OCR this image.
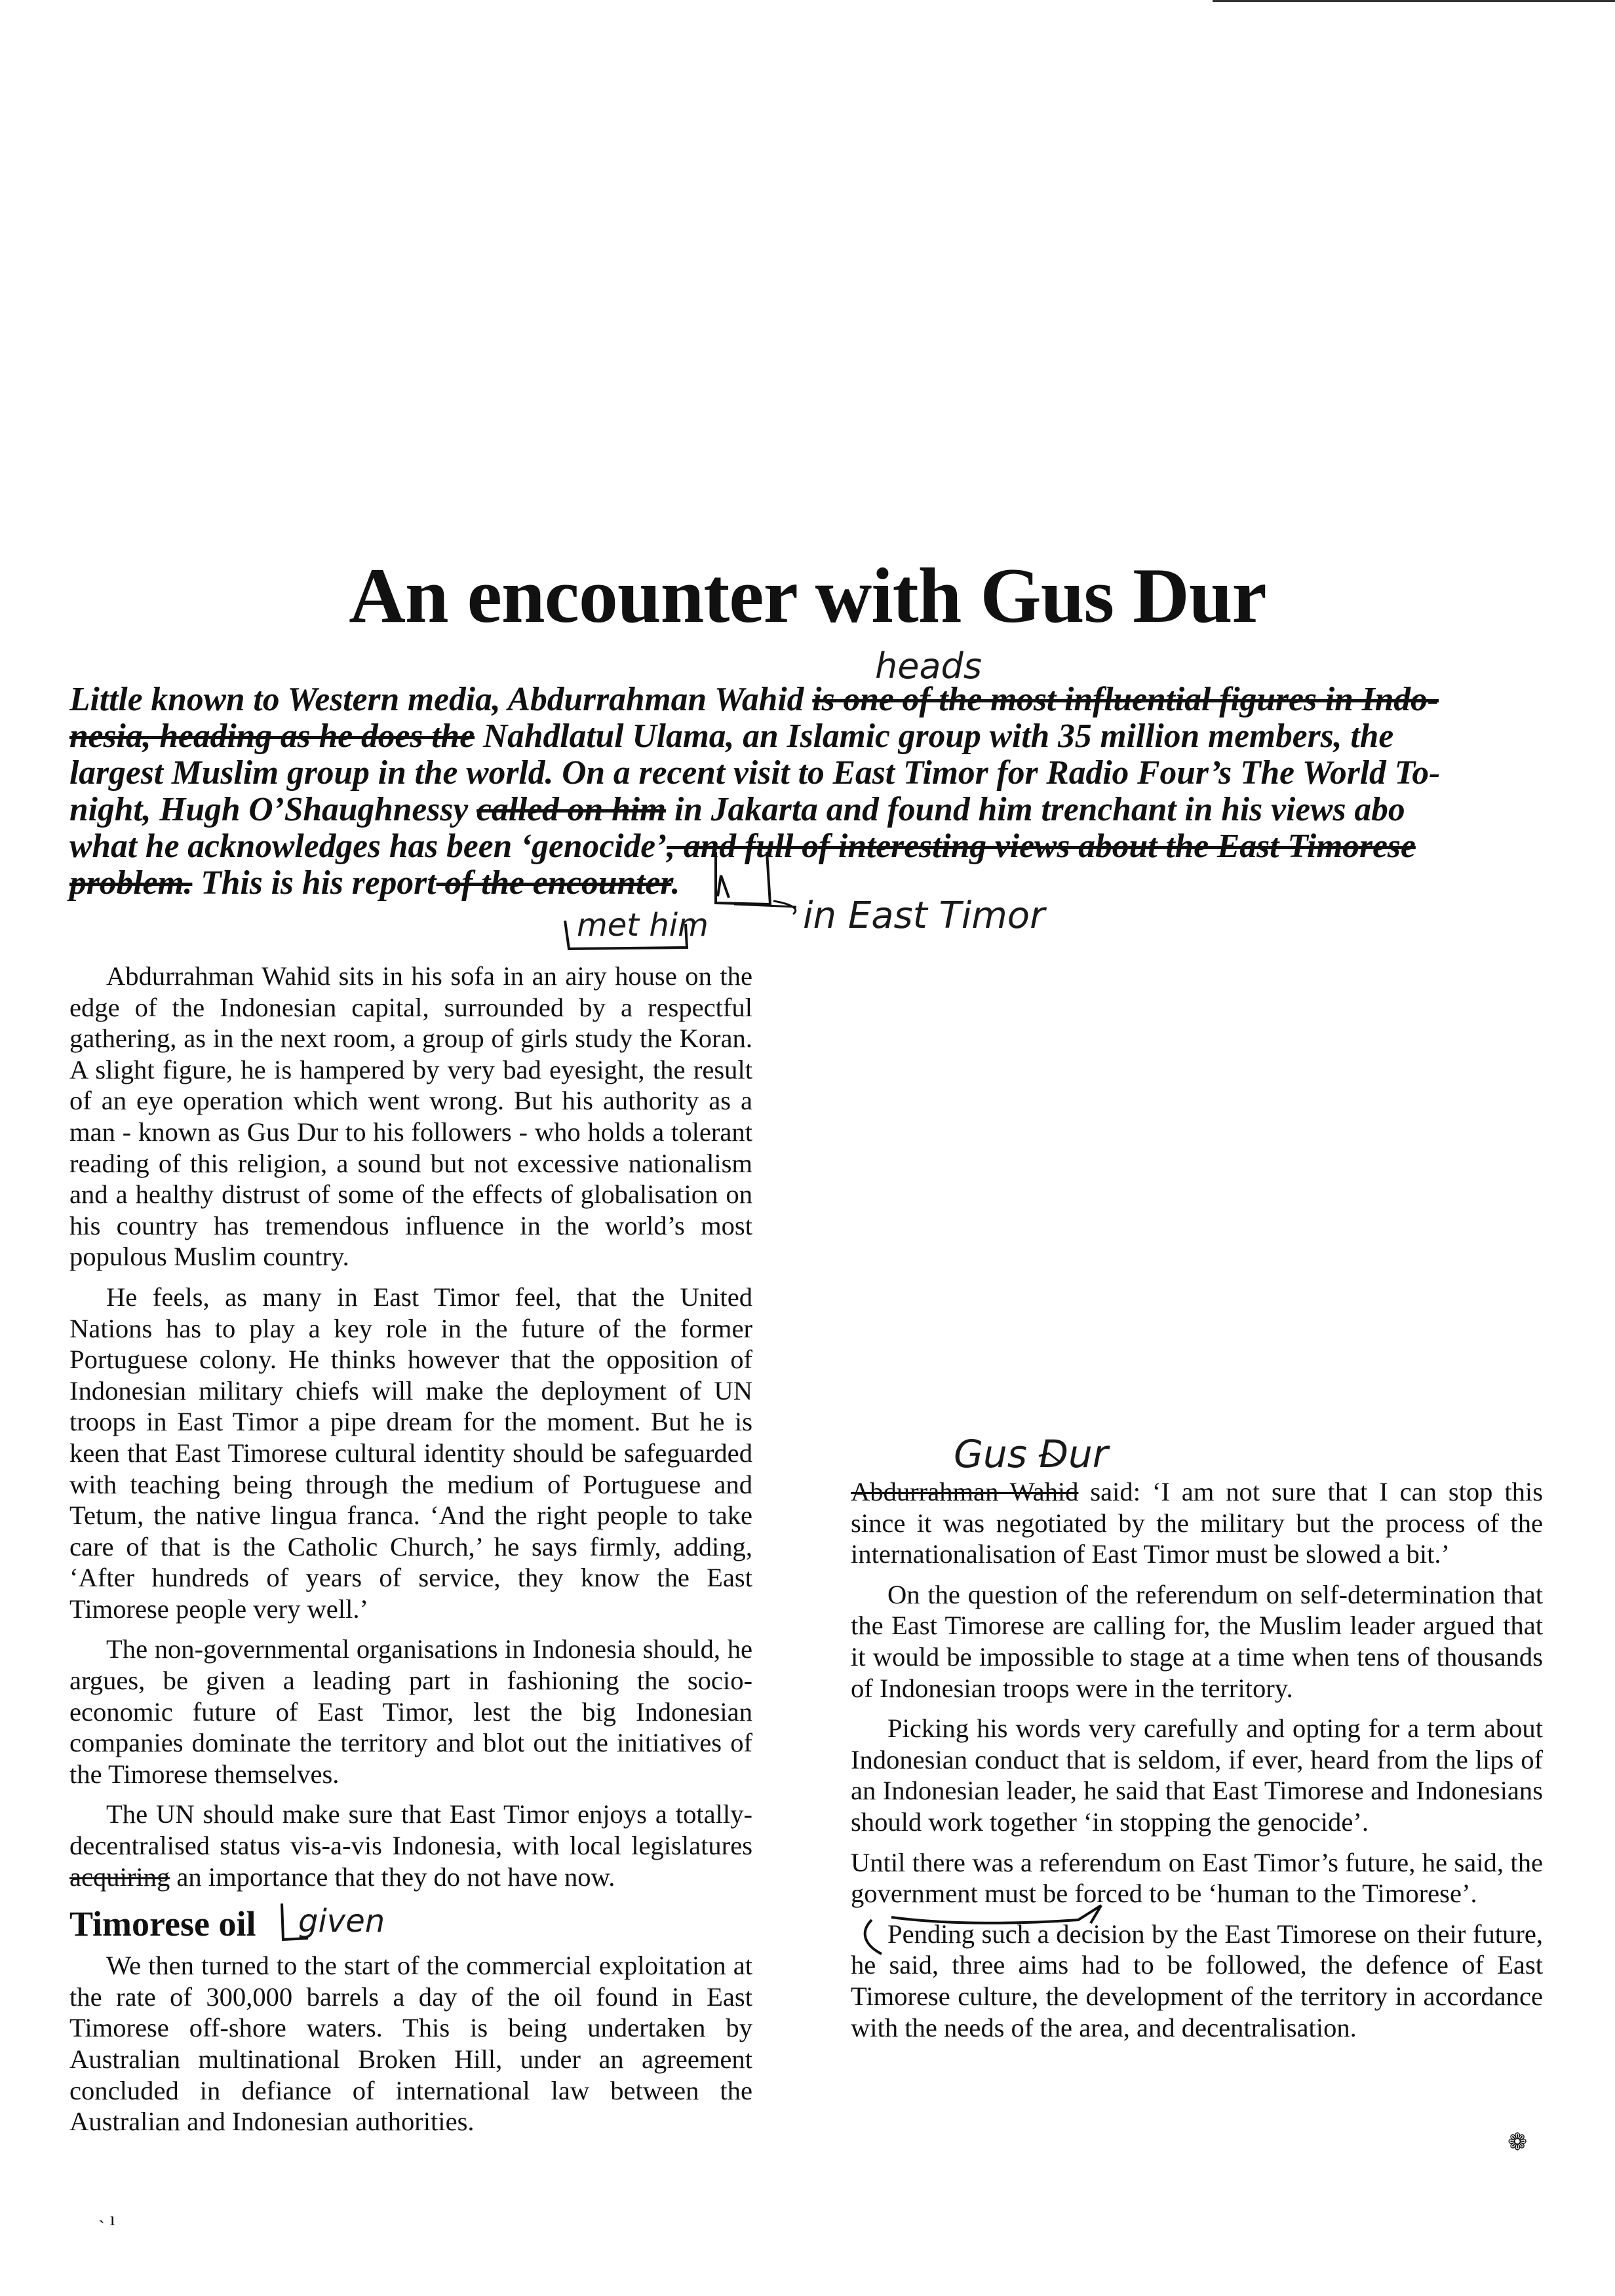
An encounter with Gus Dur
Little known to Western media, Abdurrahman Wahid is one of the most influential figures in Indo-
nesia, heading as he does the Nahdlatul Ulama, an Islamic group with 35 million members, the
largest Muslim group in the world. On a recent visit to East Timor for Radio Four’s The World To-
night, Hugh O’Shaughnessy called on him in Jakarta and found him trenchant in his views abo
what he acknowledges has been ‘genocide’, and full of interesting views about the East Timorese
problem. This is his report of the encounter.
heads
met him	in East Timor
given
Gus Dur

Abdurrahman Wahid sits in his sofa in an airy house on the edge of the Indonesian capital, surrounded by a respectful gathering, as in the next room, a group of girls study the Koran. A slight figure, he is hampered by very bad eyesight, the result of an eye operation which went wrong. But his authority as a man - known as Gus Dur to his followers - who holds a tolerant reading of this religion, a sound but not excessive nationalism and a healthy distrust of some of the effects of globalisation on his country has tremendous influence in the world’s most populous Muslim country.

He feels, as many in East Timor feel, that the United Nations has to play a key role in the future of the former Portuguese colony. He thinks however that the opposition of Indonesian military chiefs will make the deployment of UN troops in East Timor a pipe dream for the moment. But he is keen that East Timorese cultural identity should be safeguarded with teaching being through the medium of Portuguese and Tetum, the native lingua franca. ‘And the right people to take care of that is the Catholic Church,’ he says firmly, adding, ‘After hundreds of years of service, they know the East Timorese people very well.’

The non-governmental organisations in Indonesia should, he argues, be given a leading part in fashioning the socio-economic future of East Timor, lest the big Indonesian companies dominate the territory and blot out the initiatives of the Timorese themselves.

The UN should make sure that East Timor enjoys a totally-decentralised status vis-a-vis Indonesia, with local legislatures acquiring an importance that they do not have now.

Timorese oil

We then turned to the start of the commercial exploitation at the rate of 300,000 barrels a day of the oil found in East Timorese off-shore waters. This is being undertaken by Australian multinational Broken Hill, under an agreement concluded in defiance of international law between the Australian and Indonesian authorities.

Abdurrahman Wahid said: ‘I am not sure that I can stop this since it was negotiated by the military but the process of the internationalisation of East Timor must be slowed a bit.’

On the question of the referendum on self-determination that the East Timorese are calling for, the Muslim leader argued that it would be impossible to stage at a time when tens of thousands of Indonesian troops were in the territory.

Picking his words very carefully and opting for a term about Indonesian conduct that is seldom, if ever, heard from the lips of an Indonesian leader, he said that East Timorese and Indonesians should work together ‘in stopping the genocide’.

Until there was a referendum on East Timor’s future, he said, the government must be forced to be ‘human to the Timorese’.

Pending such a decision by the East Timorese on their future, he said, three aims had to be followed, the defence of East Timorese culture, the development of the territory in accordance with the needs of the area, and decentralisation.

❁
˴ ı
